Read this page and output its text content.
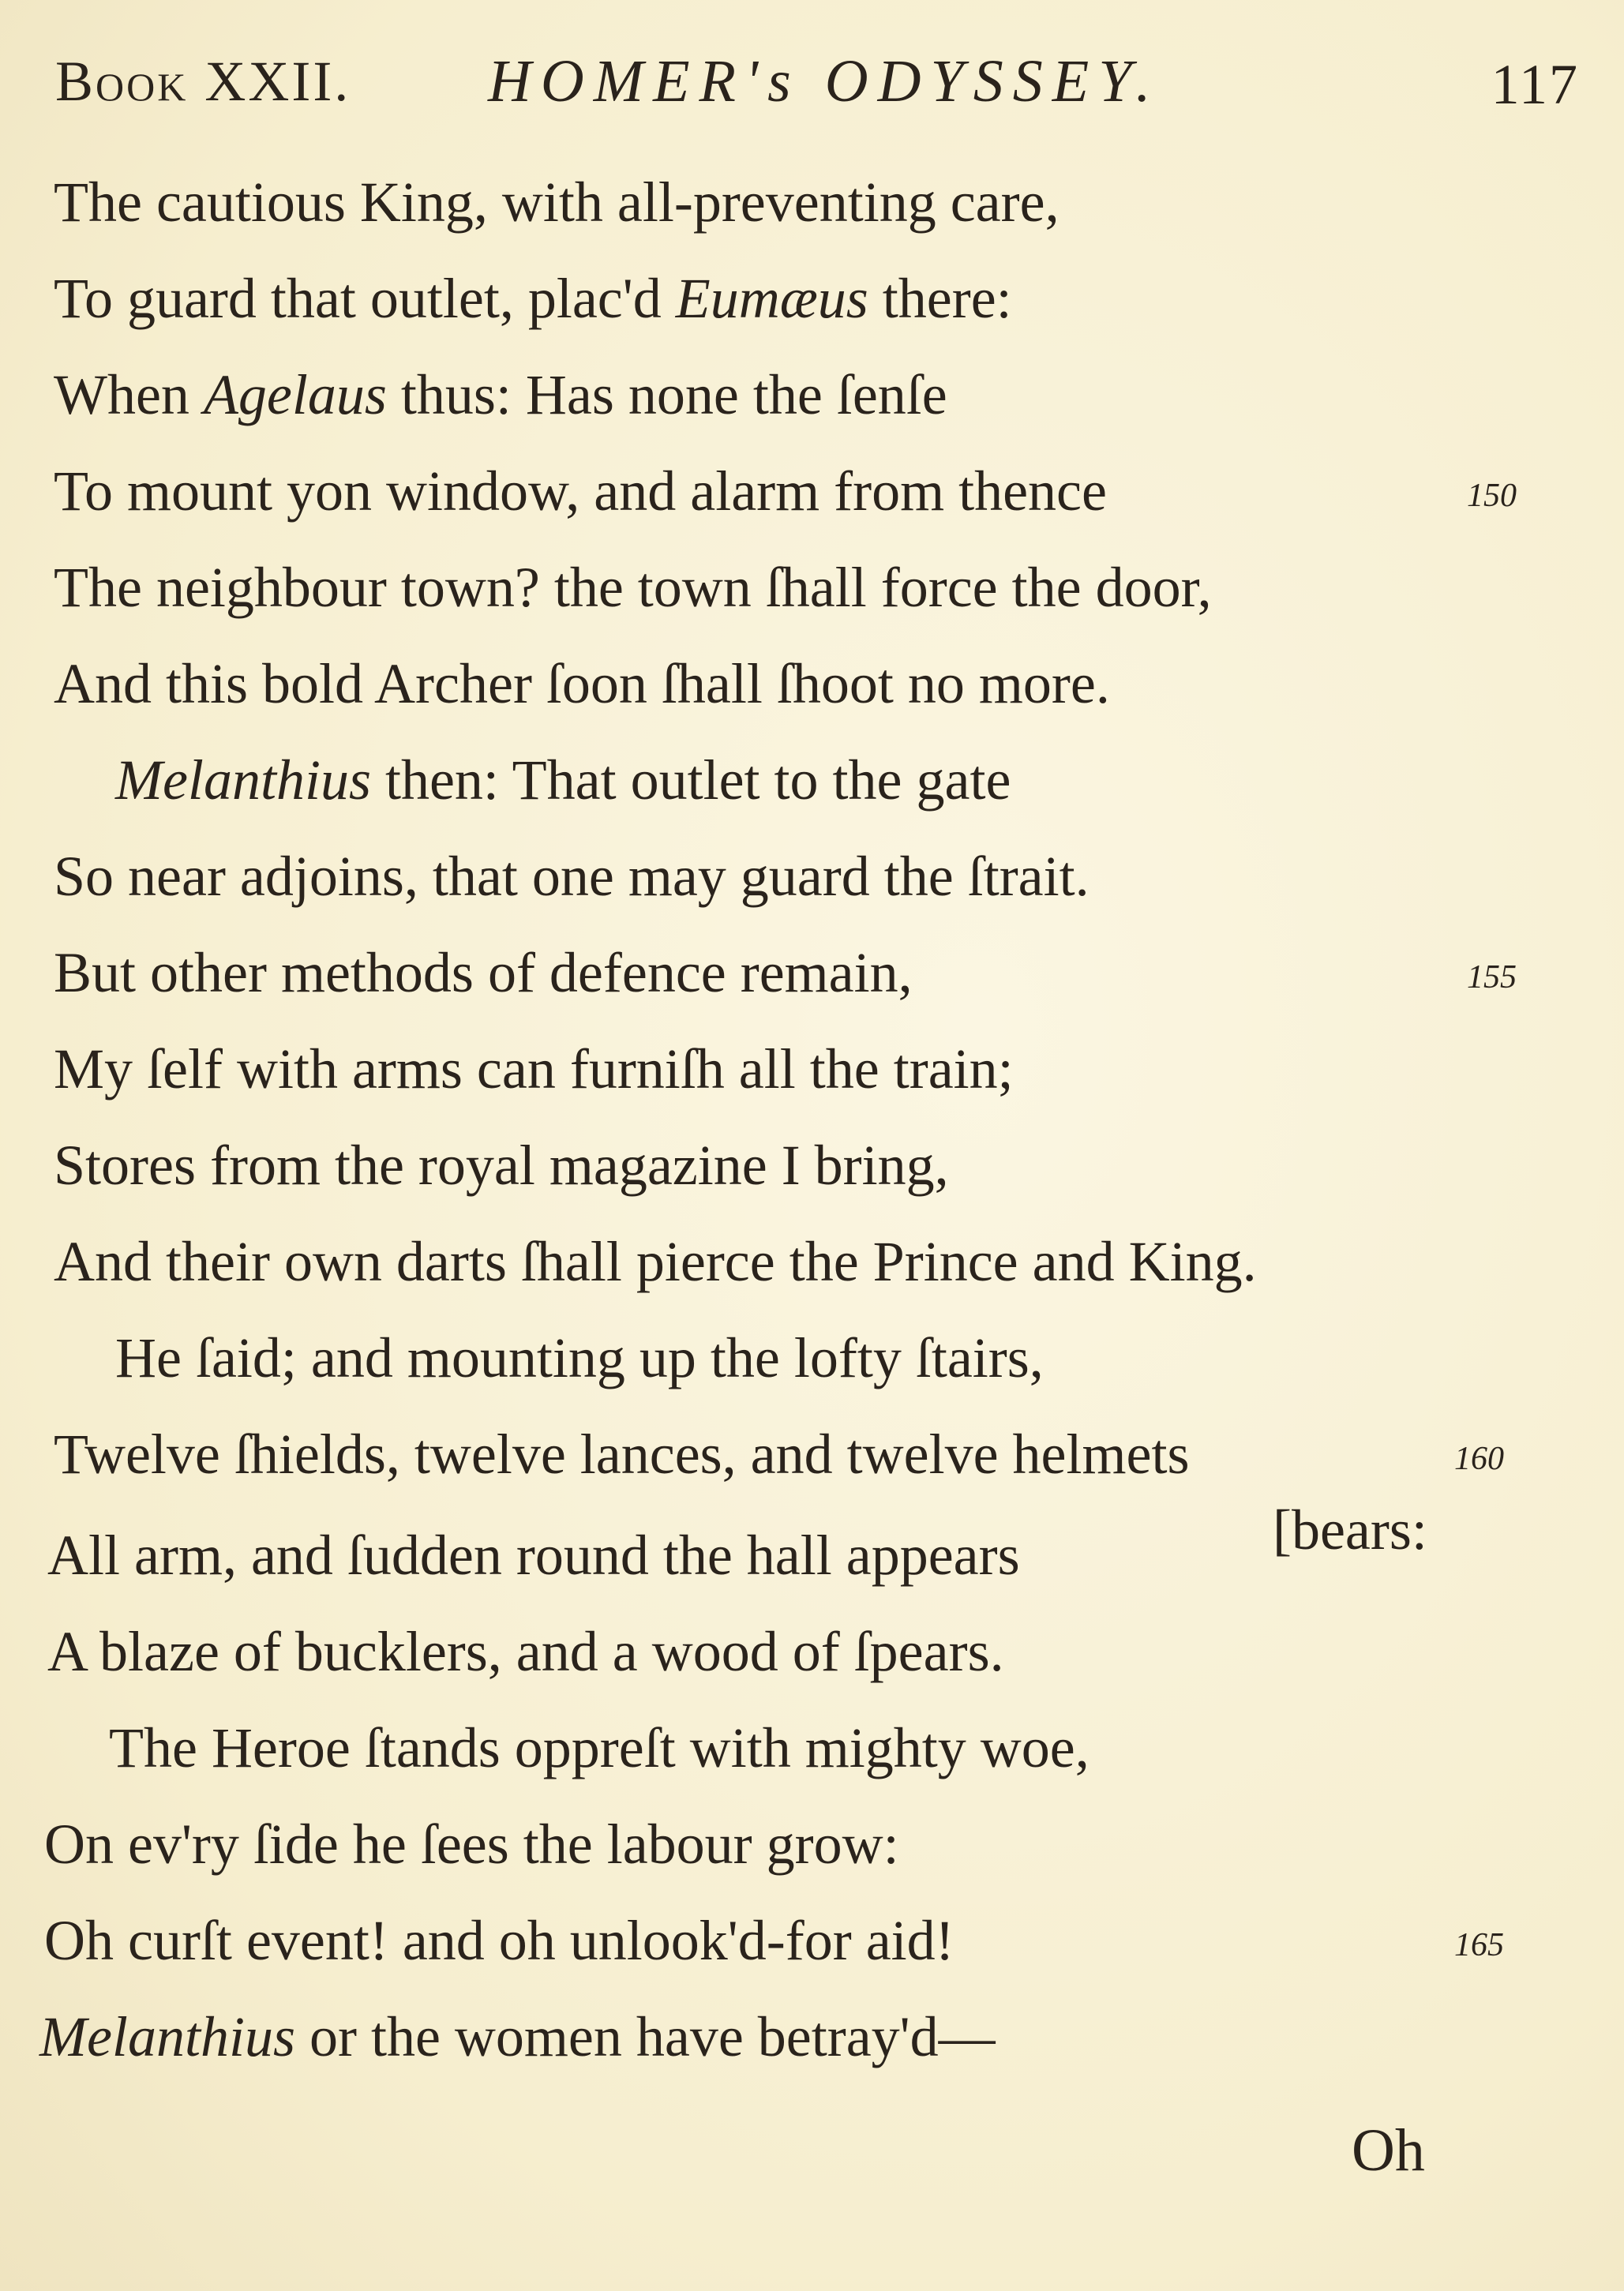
Book XXII. HOMER's ODYSSEY.	117
The cautious King, with all-preventing care,
To guard that outlet, plac'd Eumæus there:
When Agelaus thus: Has none the ſenſe
To mount yon window, and alarm from thence	150
The neighbour town? the town ſhall force the door,
And this bold Archer ſoon ſhall ſhoot no more.
Melanthius then: That outlet to the gate
So near adjoins, that one may guard the ſtrait.
But other methods of defence remain,	155
My ſelf with arms can furniſh all the train;
Stores from the royal magazine I bring,
And their own darts ſhall pierce the Prince and King.
He ſaid; and mounting up the lofty ſtairs,
Twelve ſhields, twelve lances, and twelve helmets	160
All arm, and ſudden round the hall appears
A blaze of bucklers, and a wood of ſpears.
The Heroe ſtands oppreſt with mighty woe,
On ev'ry ſide he ſees the labour grow:
Oh curſt event! and oh unlook'd-for aid!	165
Melanthius or the women have betray'd—
[bears:
Oh
